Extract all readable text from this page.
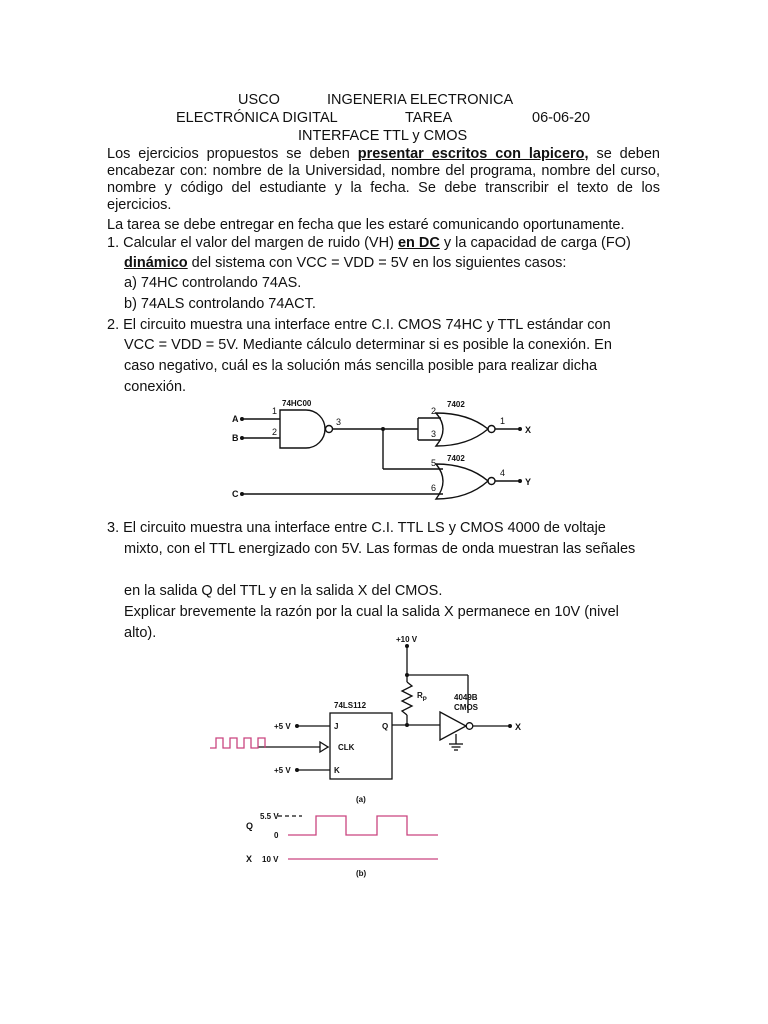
USCO	INGENERIA ELECTRONICA
ELECTRÓNICA DIGITAL	TAREA	06-06-20
INTERFACE TTL y CMOS
Los ejercicios propuestos se deben presentar escritos con lapicero, se deben encabezar con: nombre de la Universidad, nombre del programa, nombre del curso, nombre y código del estudiante y la fecha. Se debe transcribir el texto de los ejercicios.
La tarea se debe entregar en fecha que les estaré comunicando oportunamente.
1. Calcular el valor del margen de ruido (VH) en DC y la capacidad de carga (FO)
dinámico del sistema con VCC = VDD = 5V en los siguientes casos:
a) 74HC controlando 74AS.
b) 74ALS controlando 74ACT.
2. El circuito muestra una interface entre C.I. CMOS 74HC y TTL estándar con
VCC = VDD = 5V. Mediante cálculo determinar si es posible la conexión. En
caso negativo, cuál es la solución más sencilla posible para realizar dicha
conexión.
74HC00	7402
7402
A
B
C
X
Y
1
2
3
2
3
1
5
6
4
3. El circuito muestra una interface entre C.I. TTL LS y CMOS 4000 de voltaje
mixto, con el TTL energizado con 5V. Las formas de onda muestran las señales
en la salida Q del TTL y en la salida X del CMOS.
Explicar brevemente la razón por la cual la salida X permanece en 10V (nivel
alto).	+10 V
$R_P$
74LS112
4049B
CMOS
+5 V
+5 V
J
CLK
K
Q	X
(a)
Q
5.5 V
0
X 10 V
(b)
